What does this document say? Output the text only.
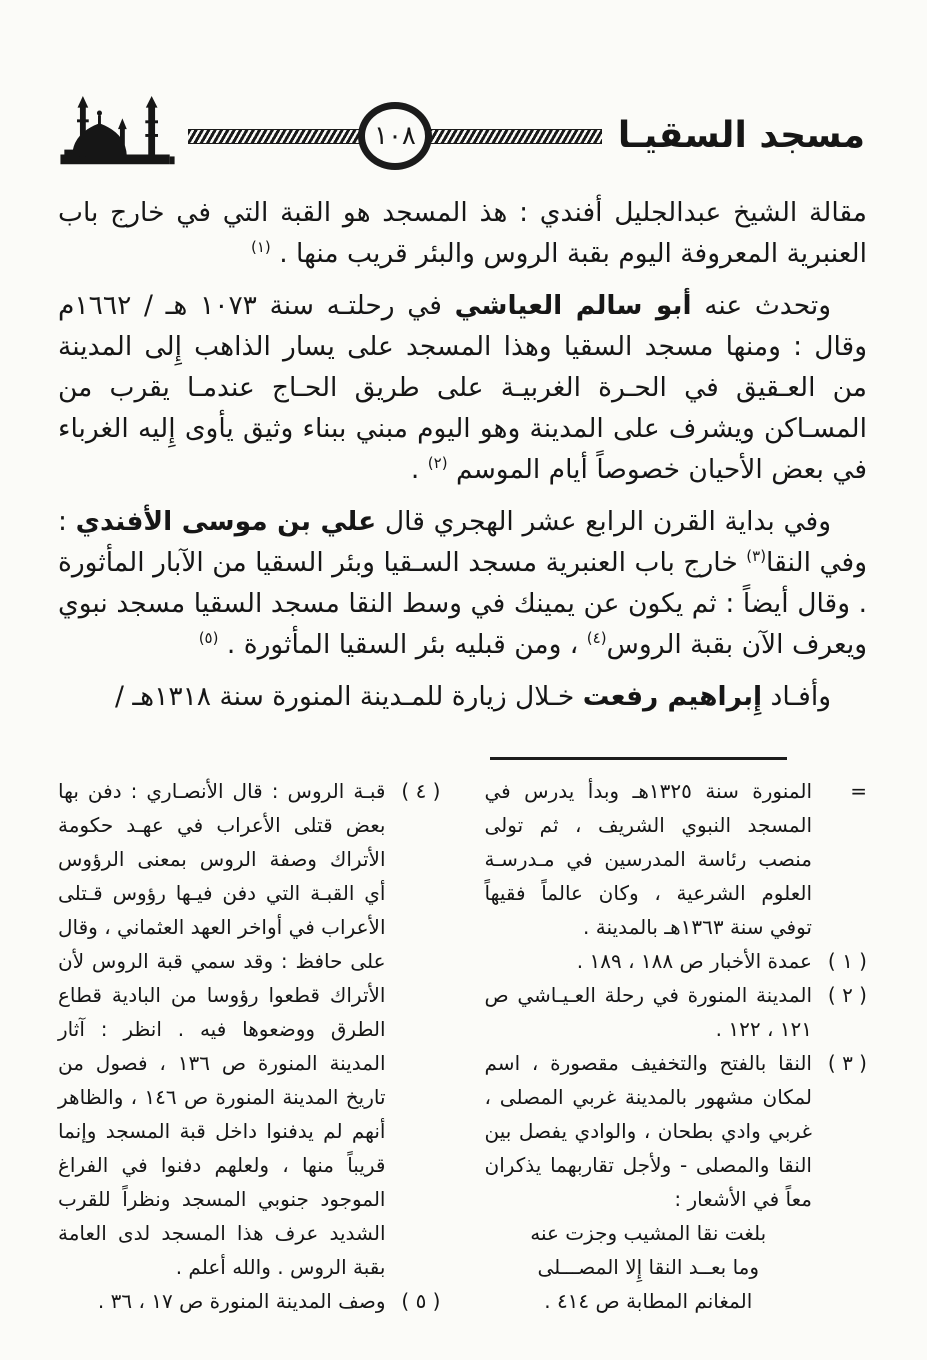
مسجد السقيـا
١٠٨

مقالة الشيخ عبدالجليل أفندي : هذ المسجد هو القبة التي في خارج باب العنبرية المعروفة اليوم بقبة الروس والبئر قريب منها . $^{(١)}$

وتحدث عنه أبو سالم العياشي في رحلتـه سنة ١٠٧٣ هـ / ١٦٦٢م وقال : ومنها مسجد السقيا وهذا المسجد على يسار الذاهب إِلى المدينة من العـقيق في الحـرة الغربيـة على طريق الحـاج عندمـا يقرب من المسـاكن ويشرف على المدينة وهو اليوم مبني ببناء وثيق يأوى إِليه الغرباء في بعض الأحيان خصوصاً أيام الموسم $^{(٢)}$ .

وفي بداية القرن الرابع عشر الهجري قال علي بن موسى الأفندي : وفي النقا$^{(٣)}$ خارج باب العنبرية مسجد السـقيا وبئر السقيا من الآبار المأثورة . وقال أيضاً : ثم يكون عن يمينك في وسط النقا مسجد السقيا مسجد نبوي ويعرف الآن بقبة الروس$^{(٤)}$ ، ومن قبليه بئر السقيا المأثورة . $^{(٥)}$

وأفـاد إِبراهيم رفعت خـلال زيارة للمـدينة المنورة سنة ١٣١٨هـ /

=
المنورة سنة ١٣٢٥هـ وبدأ يدرس في المسجد النبوي الشريف ، ثم تولى منصب رئاسة المدرسين في مـدرسـة العلوم الشرعية ، وكان عالماً فقيهاً توفي سنة ١٣٦٣هـ بالمدينة .
( ١ )
عمدة الأخبار ص ١٨٨ ، ١٨٩ .
( ٢ )
المدينة المنورة في رحلة العـيـاشي ص ١٢١ ، ١٢٢ .
( ٣ )
النقا بالفتح والتخفيف مقصورة ، اسم لمكان مشهور بالمدينة غربي المصلى ، غربي وادي بطحان ، والوادي يفصل بين النقا والمصلى - ولأجل تقاربهما يذكران معاً في الأشعار :
بلغت نقا المشيب وجزت عنه
وما بعــد النقا إِلا المصـــلى
المغانم المطابة ص ٤١٤ .
( ٤ )
قبـة الروس : قال الأنصـاري : دفن بها بعض قتلى الأعراب في عهـد حكومة الأتراك وصفة الروس بمعنى الرؤوس أي القبـة التي دفن فيـها رؤوس قـتلى الأعراب في أواخر العهد العثماني ، وقال على حافظ : وقد سمي قبة الروس لأن الأتراك قطعوا رؤوسا من البادية قطاع الطرق ووضعوها فيه . انظر : آثار المدينة المنورة ص ١٣٦ ، فصول من تاريخ المدينة المنورة ص ١٤٦ ، والظاهر أنهم لم يدفنوا داخل قبة المسجد وإنما قريباً منها ، ولعلهم دفنوا في الفراغ الموجود جنوبي المسجد ونظراً للقرب الشديد عرف هذا المسجد لدى العامة بقبة الروس . والله أعلم .
( ٥ )
وصف المدينة المنورة ص ١٧ ، ٣٦ .
